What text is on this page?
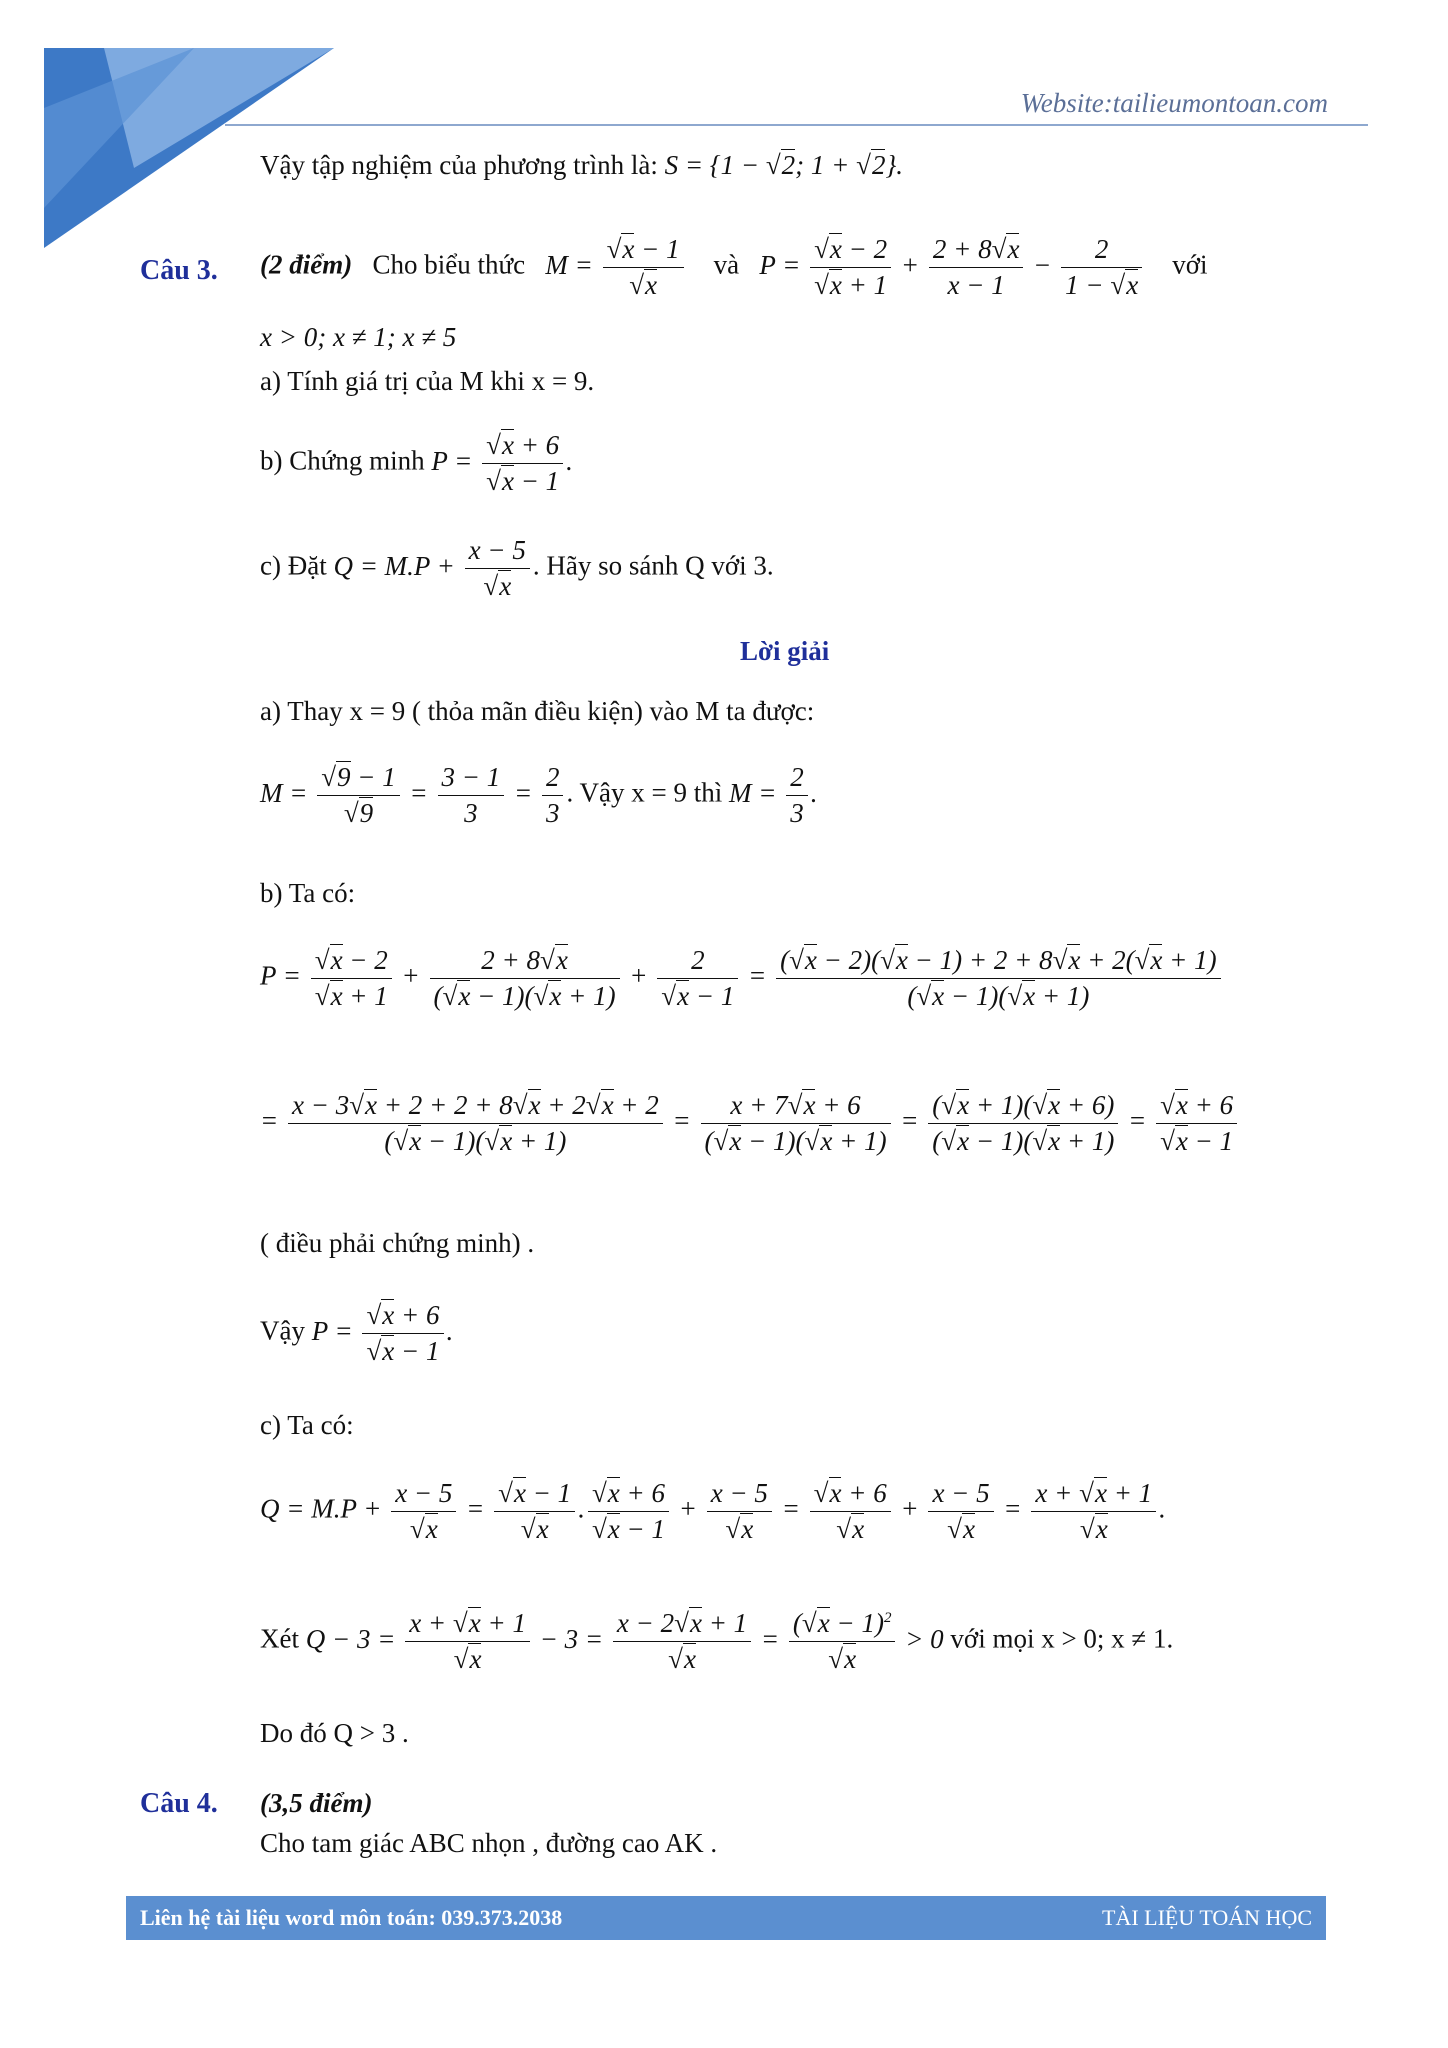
Website:tailieumontoan.com
Vậy tập nghiệm của phương trình là: S = {1 − √2; 1 + √2}.
Câu 3. (2 điểm) Cho biểu thức $M = \frac{√x - 1}{√x}$ và $P = \frac{√x - 2}{√x + 1} + \frac{2 + 8√x}{x - 1} - \frac{2}{1 - √x}$ với
x > 0; x ≠ 1; x ≠ 5
a) Tính giá trị của M khi x = 9.
b) Chứng minh $P = \frac{√x + 6}{√x - 1}$ .
c) Đặt $Q = M.P + \frac{x - 5}{√x}$ . Hãy so sánh Q với 3.
Lời giải
a) Thay x = 9 ( thỏa mãn điều kiện) vào M ta được:
$M = \frac{√9 - 1}{√9} = \frac{3 - 1}{3} = \frac{2}{3}$ . Vậy x = 9 thì $M = \frac{2}{3}$ .
b) Ta có:
$P = \frac{√x - 2}{√x + 1} + \frac{2 + 8√x}{(√x - 1)(√x + 1)} + \frac{2}{√x - 1} = \frac{(√x - 2)(√x - 1) + 2 + 8√x + 2(√x + 1)}{(√x - 1)(√x + 1)}$
= $\frac{x - 3√x + 2 + 2 + 8√x + 2√x + 2}{(√x - 1)(√x + 1)} = \frac{x + 7√x + 6}{(√x - 1)(√x + 1)} = \frac{(√x + 1)(√x + 6)}{(√x - 1)(√x + 1)} = \frac{√x + 6}{√x - 1}$
( điều phải chứng minh) .
Vậy $P = \frac{√x + 6}{√x - 1}$ .
c) Ta có:
$Q = M.P + \frac{x - 5}{√x} = \frac{√x - 1}{√x}$ . $\frac{√x + 6}{√x - 1} + \frac{x - 5}{√x} = \frac{√x + 6}{√x} + \frac{x - 5}{√x} = \frac{x + √x + 1}{√x}$ .
Xét $Q - 3 = \frac{x + √x + 1}{√x} - 3 = \frac{x - 2√x + 1}{√x} = \frac{(√x - 1)^2}{√x} > 0$ với mọi x > 0; x ≠ 1.
Do đó Q > 3 .
Câu 4. (3,5 điểm)
Cho tam giác ABC nhọn , đường cao AK .
Liên hệ tài liệu word môn toán: 039.373.2038	TÀI LIỆU TOÁN HỌC
